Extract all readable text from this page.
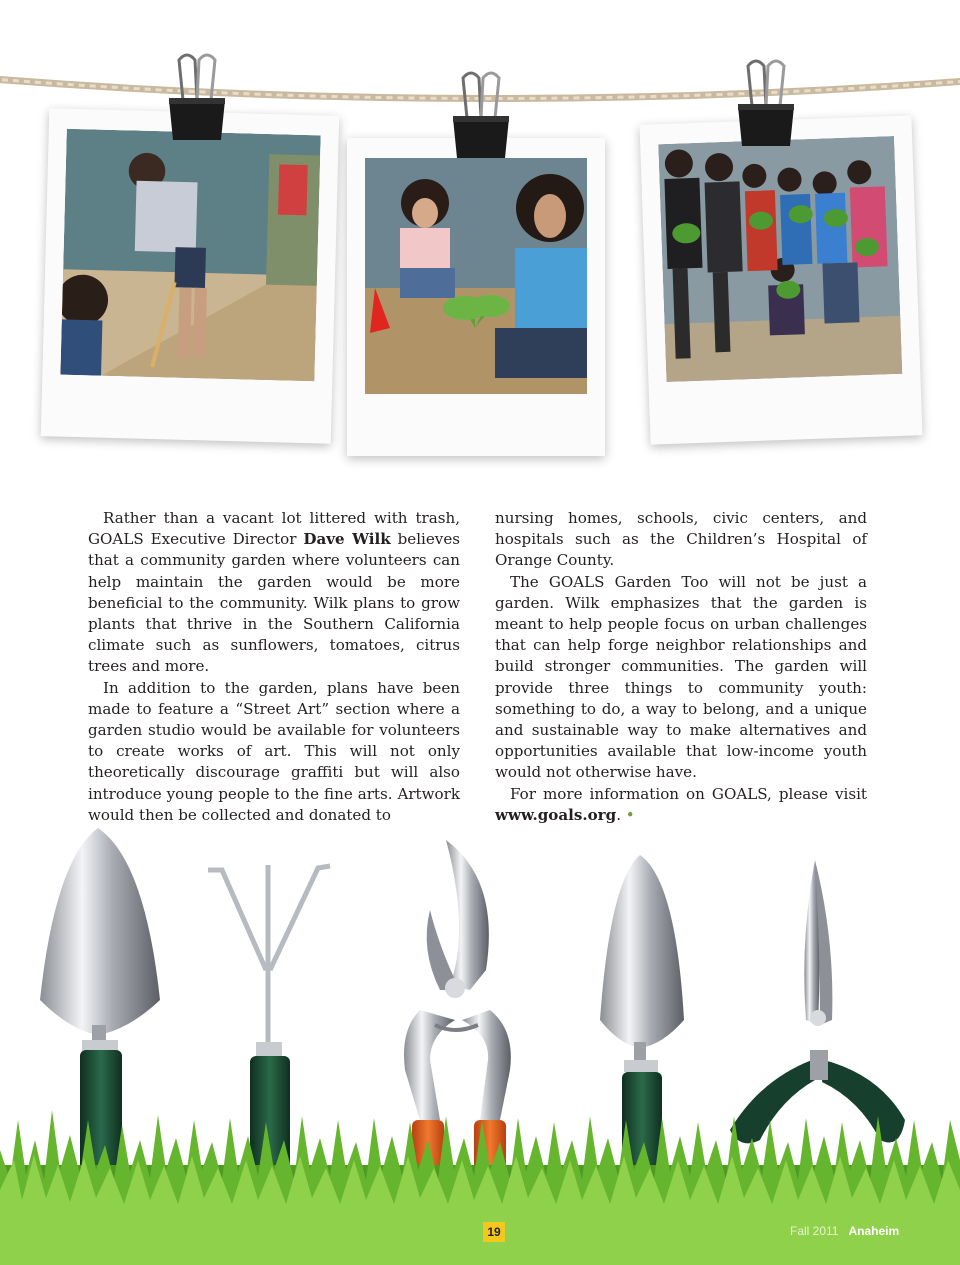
Rather than a vacant lot littered with trash, GOALS Executive Director Dave Wilk believes that a community garden where volunteers can help maintain the garden would be more beneficial to the community. Wilk plans to grow plants that thrive in the Southern California climate such as sunflowers, tomatoes, citrus trees and more.

In addition to the garden, plans have been made to feature a “Street Art” section where a garden studio would be available for volunteers to create works of art. This will not only theoretically discourage graffiti but will also introduce young people to the fine arts. Artwork would then be collected and donated to

nursing homes, schools, civic centers, and hospitals such as the Children’s Hospital of Orange County.

The GOALS Garden Too will not be just a garden. Wilk emphasizes that the garden is meant to help people focus on urban challenges that can help forge neighbor relationships and build stronger communities. The garden will provide three things to community youth: something to do, a way to belong, and a unique and sustainable way to make alternatives and opportunities available that low-income youth would not otherwise have.

For more information on GOALS, please visit www.goals.org. •

19	Fall 2011 Anaheim
